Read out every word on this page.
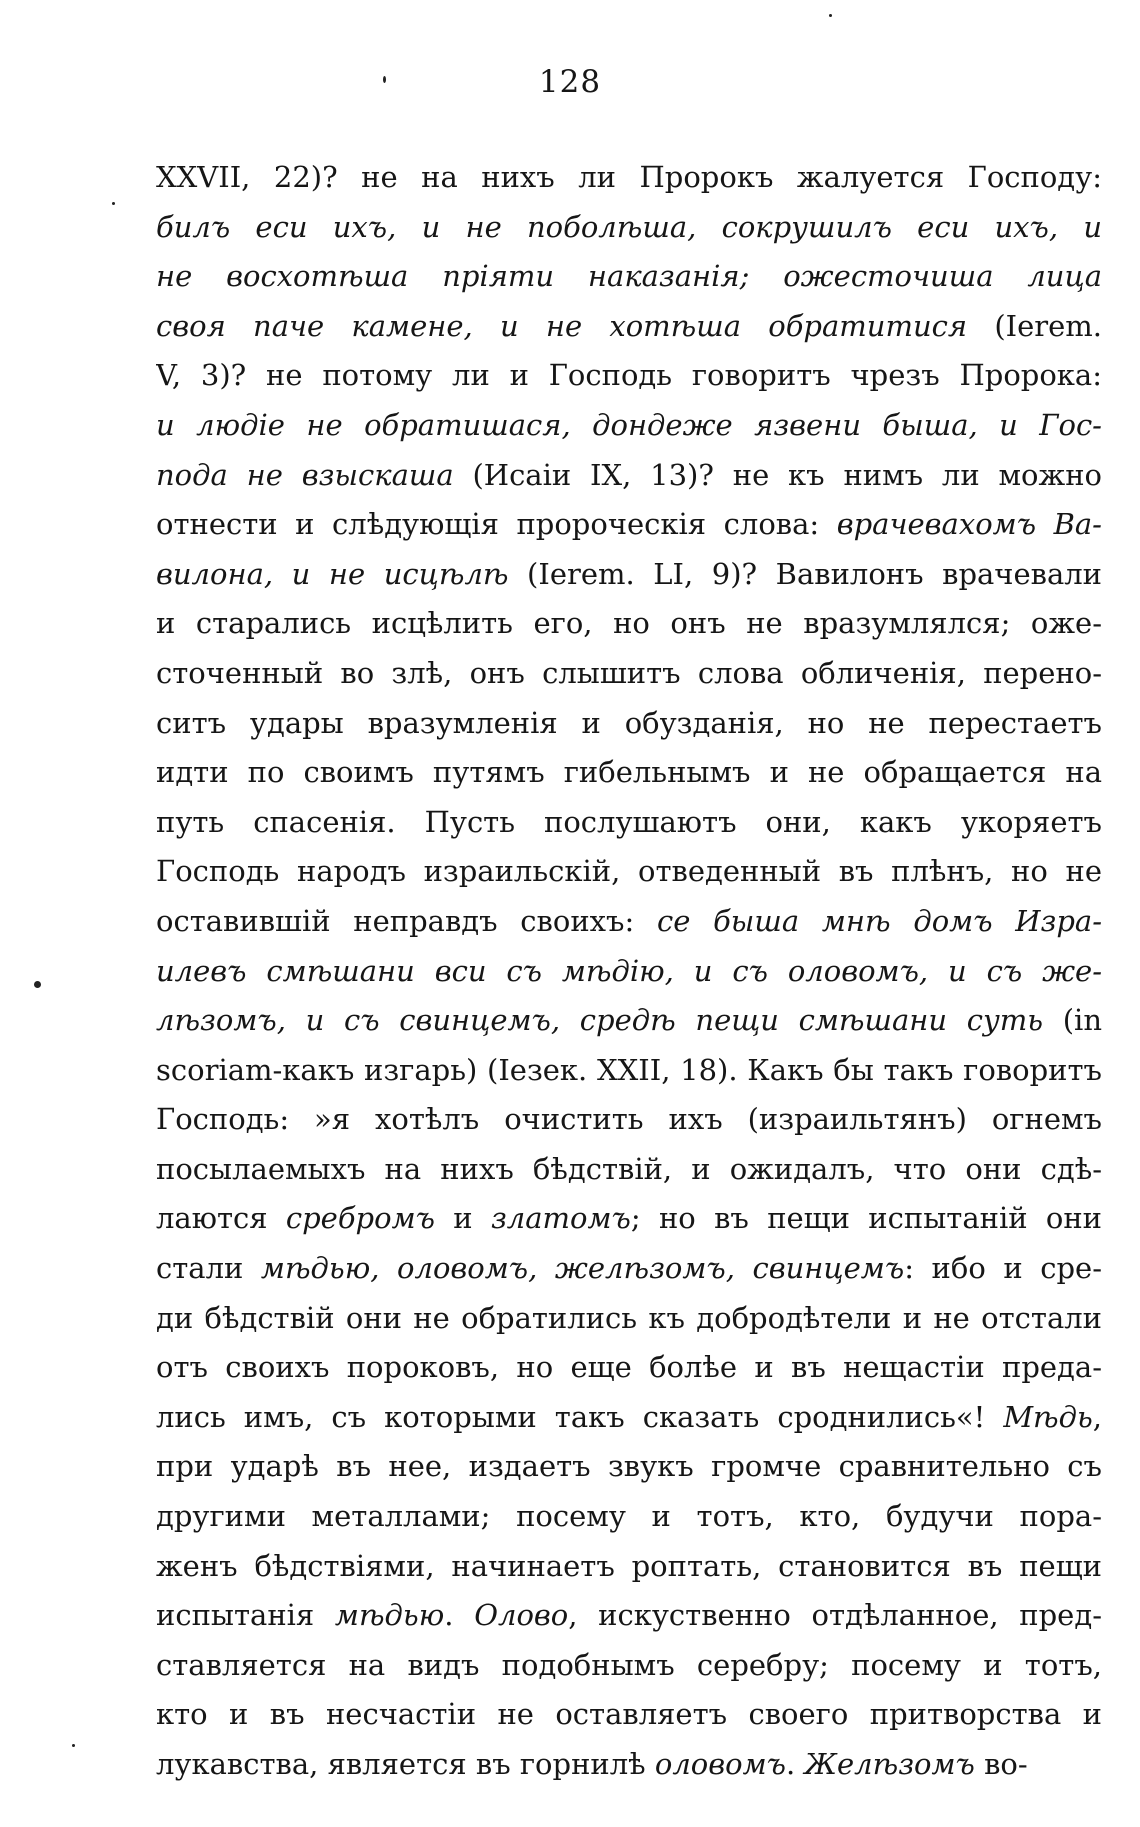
128
XXVII, 22)? не на нихъ ли Пророкъ жалуется Господу:
билъ еси ихъ, и не поболѣша, сокрушилъ еси ихъ, и
не восхотѣша пріяти наказанія; ожесточиша лица
своя паче камене, и не хотѣша обратитися (Ierem.
V, 3)? не потому ли и Господь говоритъ чрезъ Пророка:
и людіе не обратишася, дондеже язвени быша, и Гос-
пода не взыскаша (Исаіи IX, 13)? не къ нимъ ли можно
отнести и слѣдующія пророческія слова: врачевахомъ Ва-
вилона, и не исцѣлѣ (Ierem. LI, 9)? Вавилонъ врачевали
и старались исцѣлить его, но онъ не вразумлялся; оже-
сточенный во злѣ, онъ слышитъ слова обличенія, перено-
ситъ удары вразумленія и обузданія, но не перестаетъ
идти по своимъ путямъ гибельнымъ и не обращается на
путь спасенія. Пусть послушаютъ они, какъ укоряетъ
Господь народъ израильскій, отведенный въ плѣнъ, но не
оставившій неправдъ своихъ: се быша мнѣ домъ Изра-
илевъ смѣшани вси съ мѣдію, и съ оловомъ, и съ же-
лѣзомъ, и съ свинцемъ, средѣ пещи смѣшани суть (in
scoriam-какъ изгарь) (Iезек. XXII, 18). Какъ бы такъ говоритъ
Господь: »я хотѣлъ очистить ихъ (израильтянъ) огнемъ
посылаемыхъ на нихъ бѣдствій, и ожидалъ, что они сдѣ-
лаются сребромъ и златомъ; но въ пещи испытаній они
стали мѣдью, оловомъ, желѣзомъ, свинцемъ: ибо и сре-
ди бѣдствій они не обратились къ добродѣтели и не отстали
отъ своихъ пороковъ, но еще болѣе и въ нещастіи преда-
лись имъ, съ которыми такъ сказать сроднились«! Мѣдь,
при ударѣ въ нее, издаетъ звукъ громче сравнительно съ
другими металлами; посему и тотъ, кто, будучи пора-
женъ бѣдствіями, начинаетъ роптать, становится въ пещи
испытанія мѣдью. Олово, искуственно отдѣланное, пред-
ставляется на видъ подобнымъ серебру; посему и тотъ,
кто и въ несчастіи не оставляетъ своего притворства и
лукавства, является въ горнилѣ оловомъ. Желѣзомъ во-
